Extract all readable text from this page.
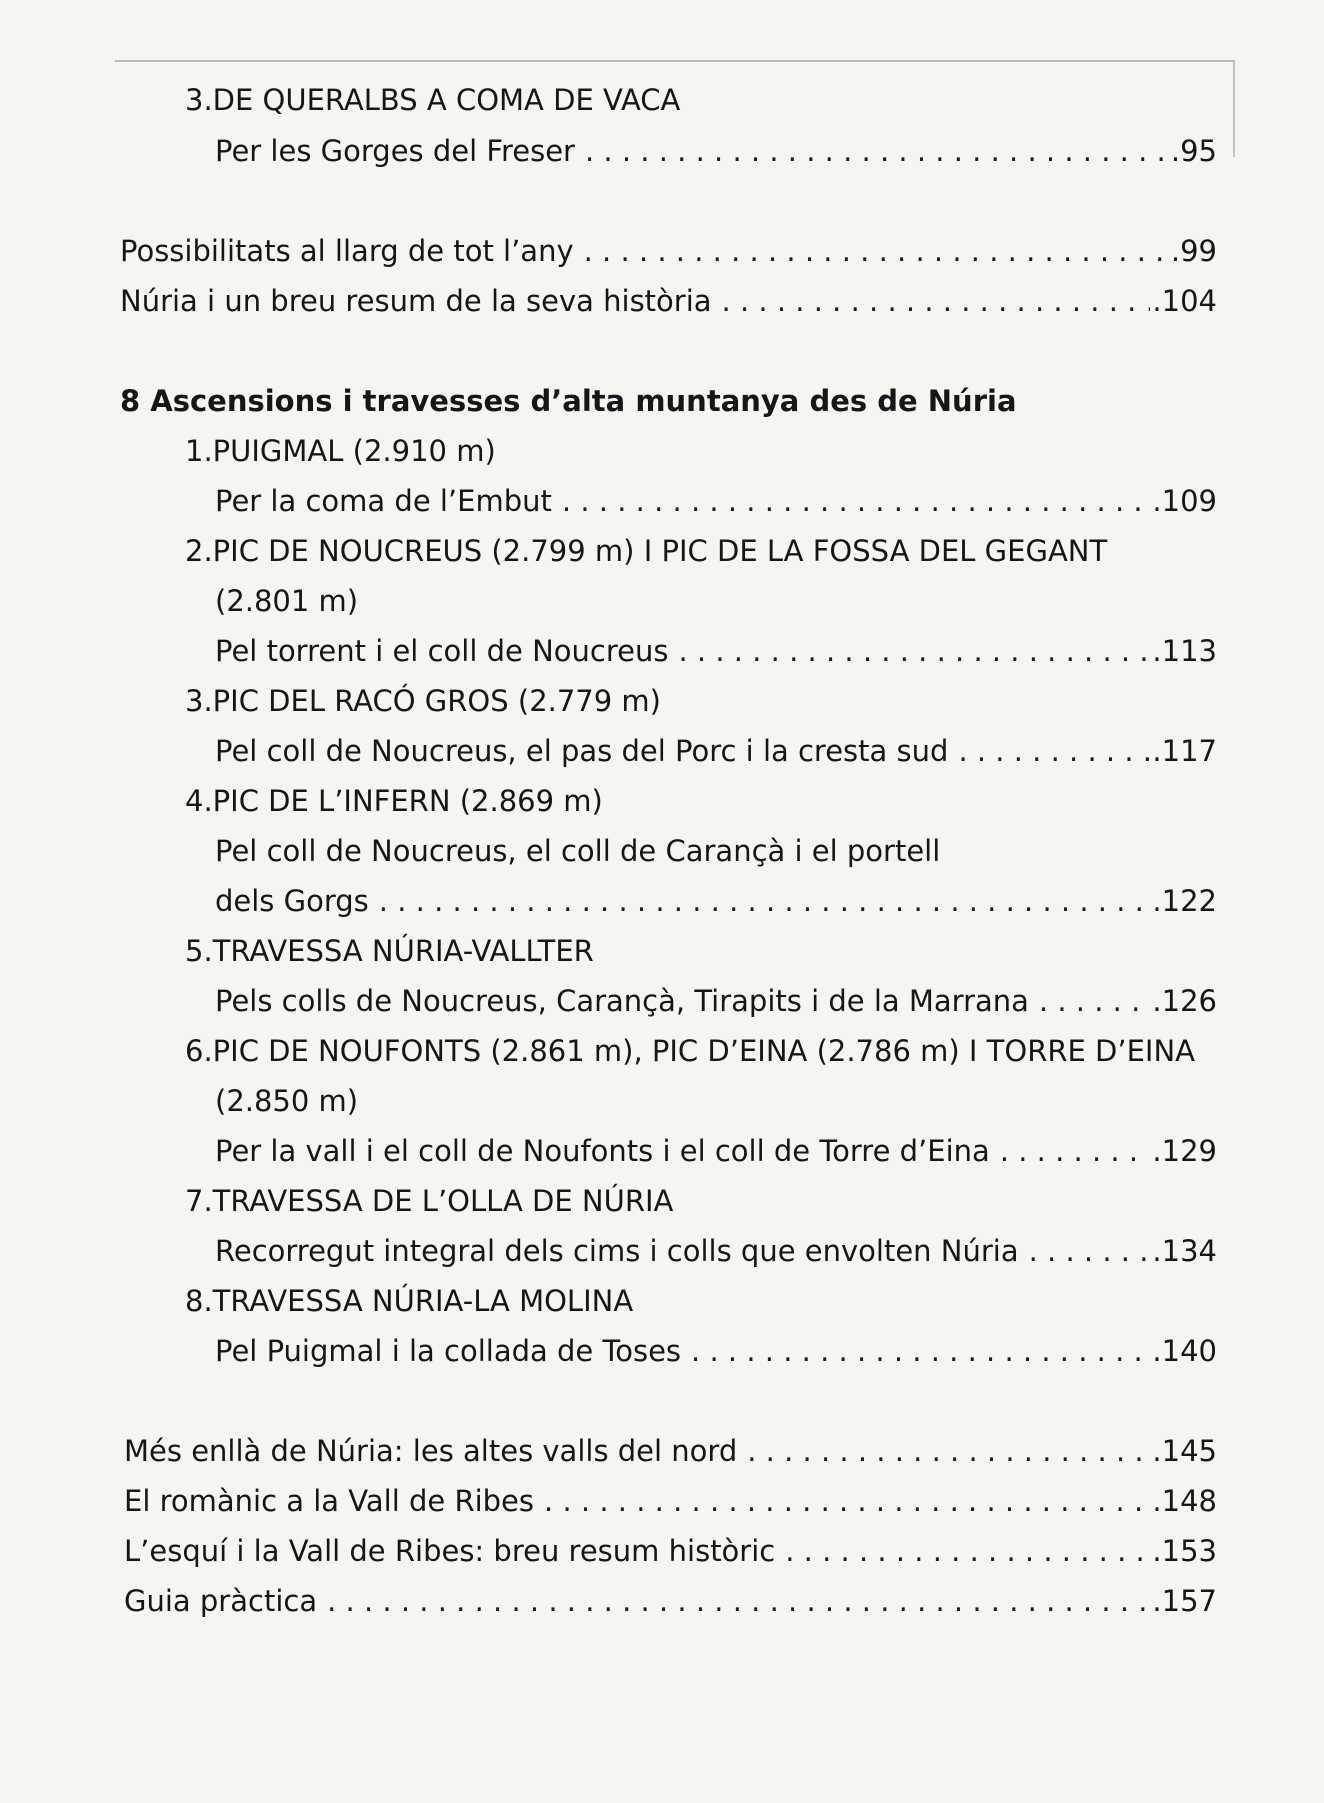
3.DE QUERALBS A COMA DE VACA
Per les Gorges del Freser . . .	.95
Possibilitats al llarg de tot l’any . . .	.99
Núria i un breu resum de la seva història . . .	.104
8 Ascensions i travesses d’alta muntanya des de Núria
1.PUIGMAL (2.910 m)
Per la coma de l’Embut . . .	.109
2.PIC DE NOUCREUS (2.799 m) I PIC DE LA FOSSA DEL GEGANT
(2.801 m)
Pel torrent i el coll de Noucreus . . .	.113
3.PIC DEL RACÓ GROS (2.779 m)
Pel coll de Noucreus, el pas del Porc i la cresta sud . . .	.117
4.PIC DE L’INFERN (2.869 m)
Pel coll de Noucreus, el coll de Carançà i el portell
dels Gorgs . . .	.122
5.TRAVESSA NÚRIA-VALLTER
Pels colls de Noucreus, Carançà, Tirapits i de la Marrana . . .	.126
6.PIC DE NOUFONTS (2.861 m), PIC D’EINA (2.786 m) I TORRE D’EINA
(2.850 m)
Per la vall i el coll de Noufonts i el coll de Torre d’Eina . . .	.129
7.TRAVESSA DE L’OLLA DE NÚRIA
Recorregut integral dels cims i colls que envolten Núria . . .	.134
8.TRAVESSA NÚRIA-LA MOLINA
Pel Puigmal i la collada de Toses . . .	.140
Més enllà de Núria: les altes valls del nord . . .	.145
El romànic a la Vall de Ribes . . .	.148
L’esquí i la Vall de Ribes: breu resum històric . . .	.153
Guia pràctica . . .	.157
